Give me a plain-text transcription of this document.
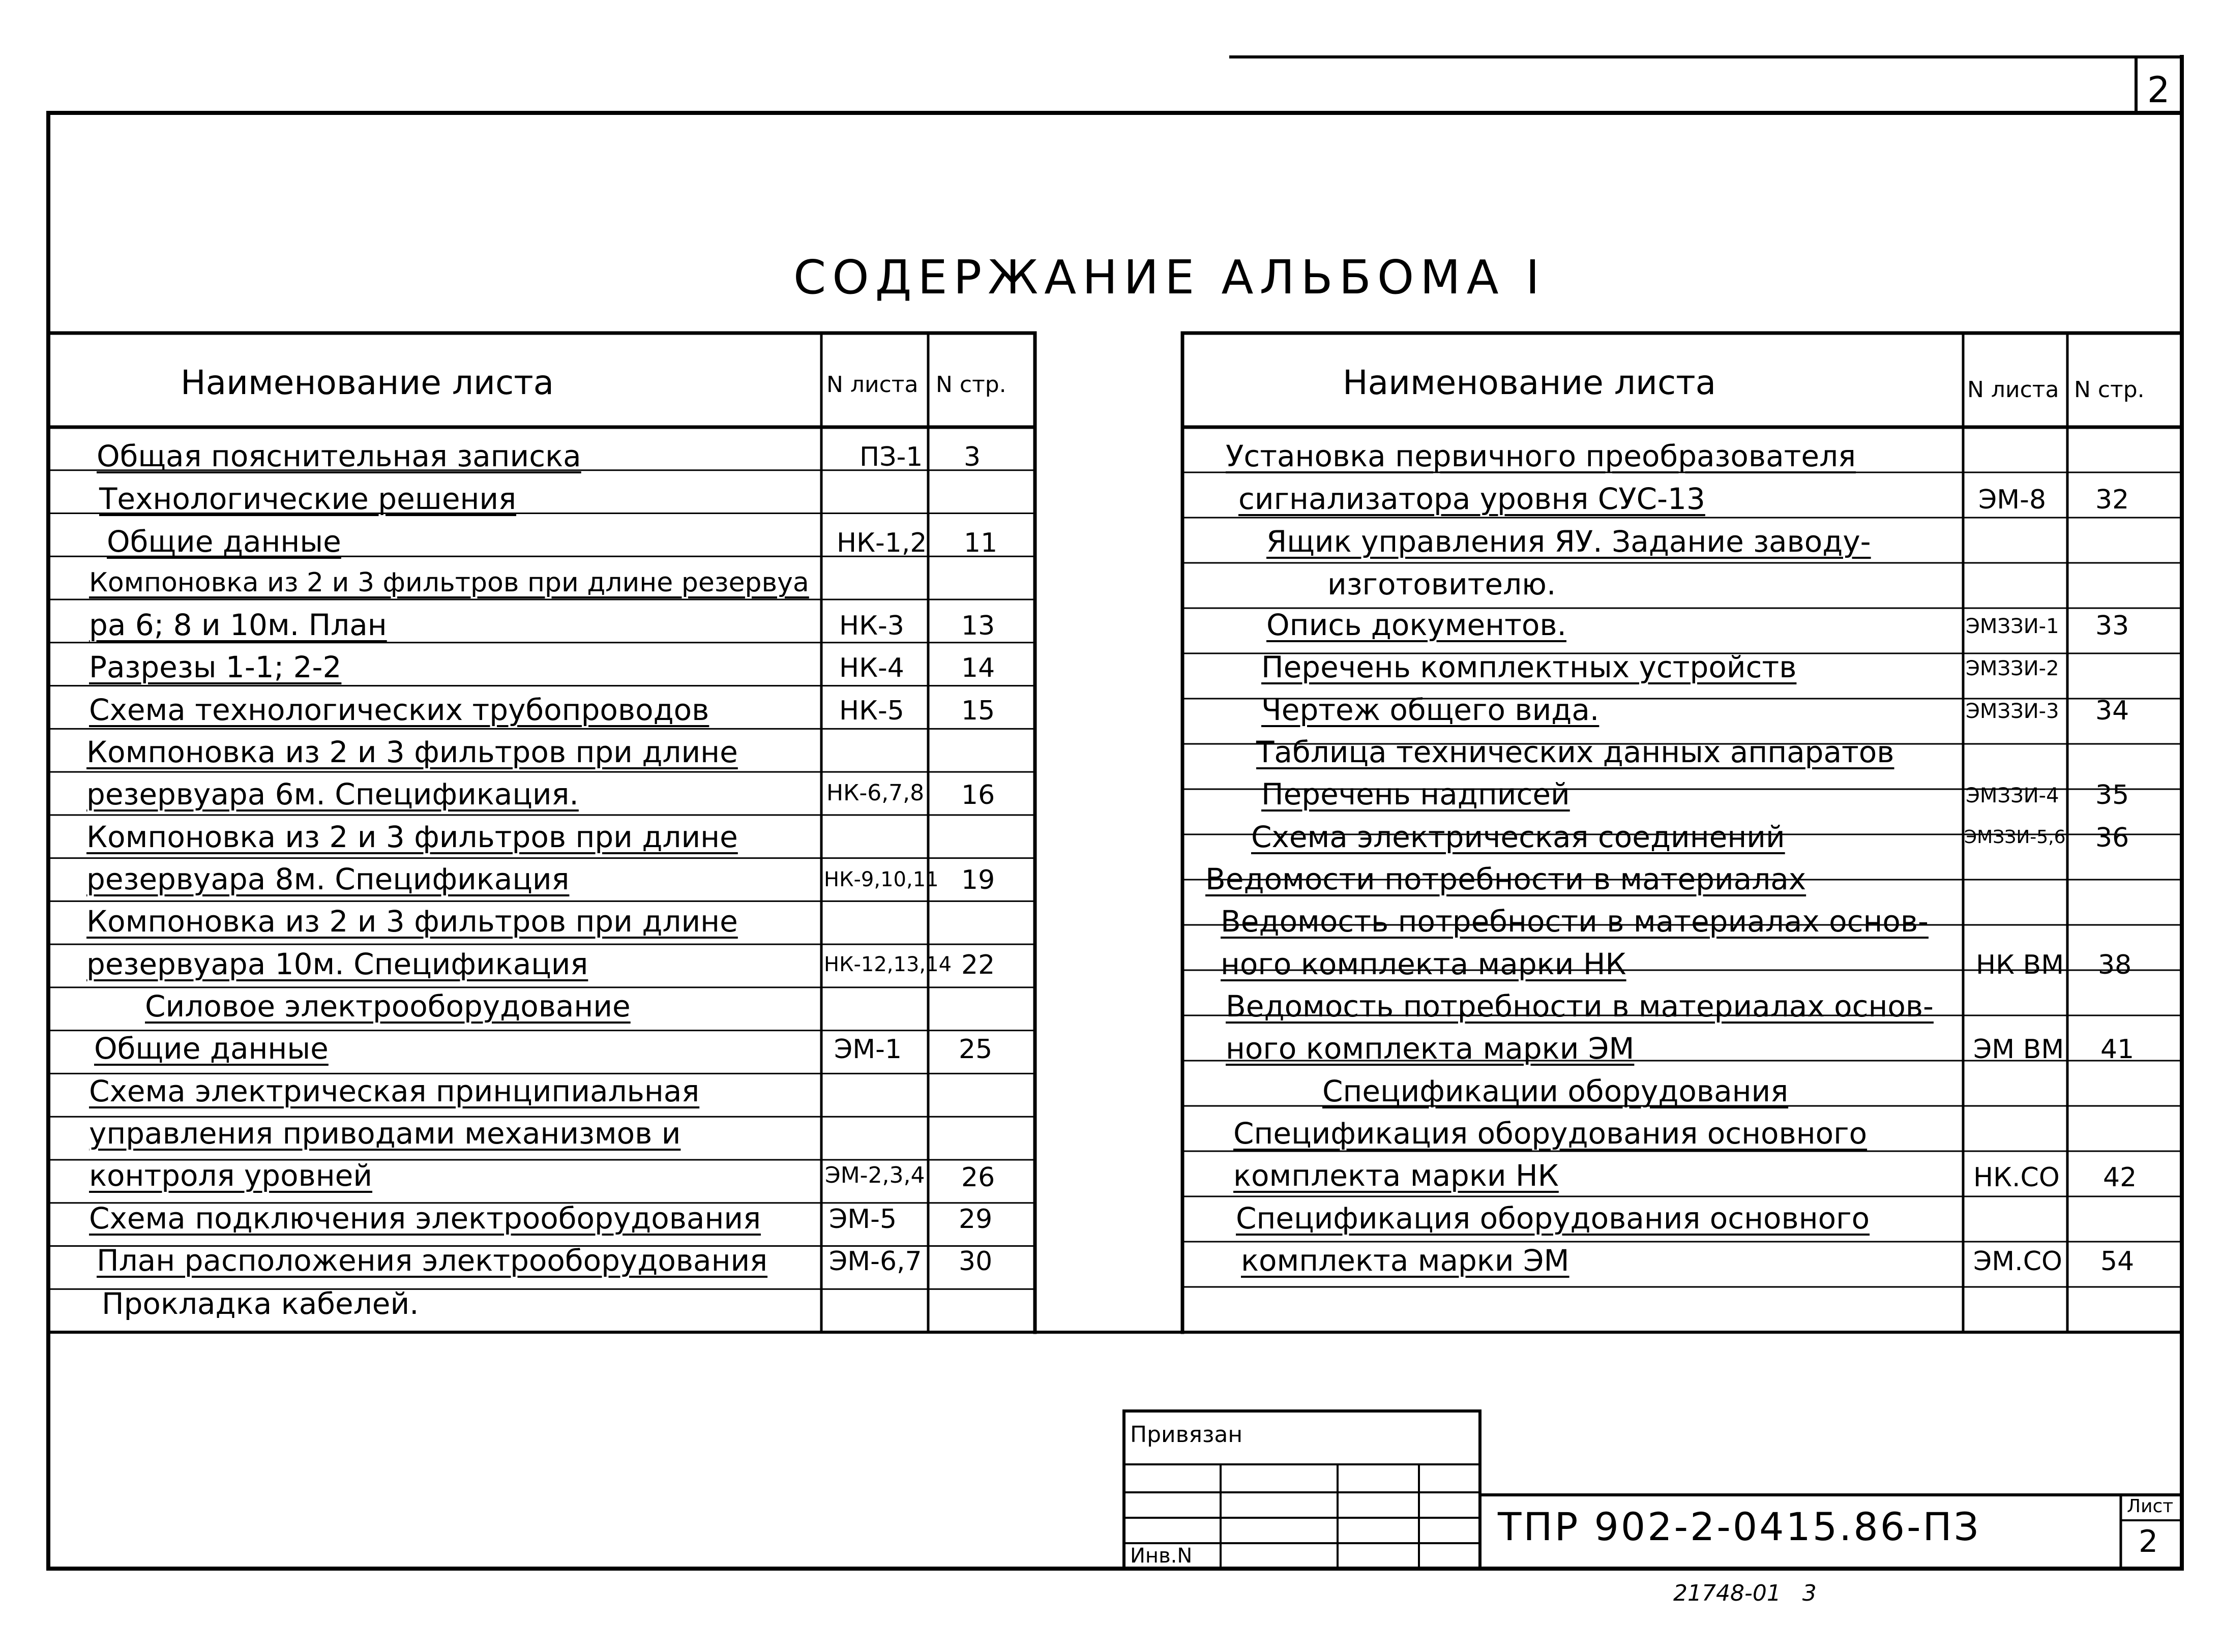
2
СОДЕРЖАНИЕ АЛЬБОМА I
Наименование листа	N листа N стр.	Наименование листа	N листа N стр.
Общая пояснительная записка	ПЗ-1 3
Технологические решения
Общие данные	НК-1,2 11
Компоновка из 2 и 3 фильтров при длине резервуа
ра 6; 8 и 10м. План	НК-3 13
Разрезы 1-1; 2-2	НК-4 14
Схема технологических трубопроводов	НК-5 15
Компоновка из 2 и 3 фильтров при длине
резервуара 6м. Спецификация.	НК-6,7,8 16
Компоновка из 2 и 3 фильтров при длине
резервуара 8м. Спецификация	НК-9,10,11 19
Компоновка из 2 и 3 фильтров при длине
резервуара 10м. Спецификация	НК-12,13,14 22
Силовое электрооборудование
Общие данные	ЭМ-1 25
Схема электрическая принципиальная
управления приводами механизмов и
контроля уровней	ЭМ-2,3,4 26
Схема подключения электрооборудования	ЭМ-5 29
План расположения электрооборудования ЭМ-6,7 30
Прокладка кабелей.
Установка первичного преобразователя
сигнализатора уровня СУС-13	ЭМ-8 32
Ящик управления ЯУ. Задание заводу-
изготовителю.
Опись документов.	ЭМЗЗИ-1 33
Перечень комплектных устройств	ЭМЗЗИ-2
Чертеж общего вида.	ЭМЗЗИ-3 34
Таблица технических данных аппаратов
Перечень надписей	ЭМЗЗИ-4 35
Схема электрическая соединений	ЭМЗЗИ-5,6 36
Ведомости потребности в материалах
Ведомость потребности в материалах основ-
ного комплекта марки НК	НК ВМ 38
Ведомость потребности в материалах основ-
ного комплекта марки ЭМ	ЭМ ВМ 41
Спецификации оборудования
Спецификация оборудования основного
комплекта марки НК	НК.СО 42
Спецификация оборудования основного
комплекта марки ЭМ	ЭМ.СО 54
Привязан
Инв.N
ТПР 902-2-0415.86-ПЗ	Лист
2
21748-01   3
